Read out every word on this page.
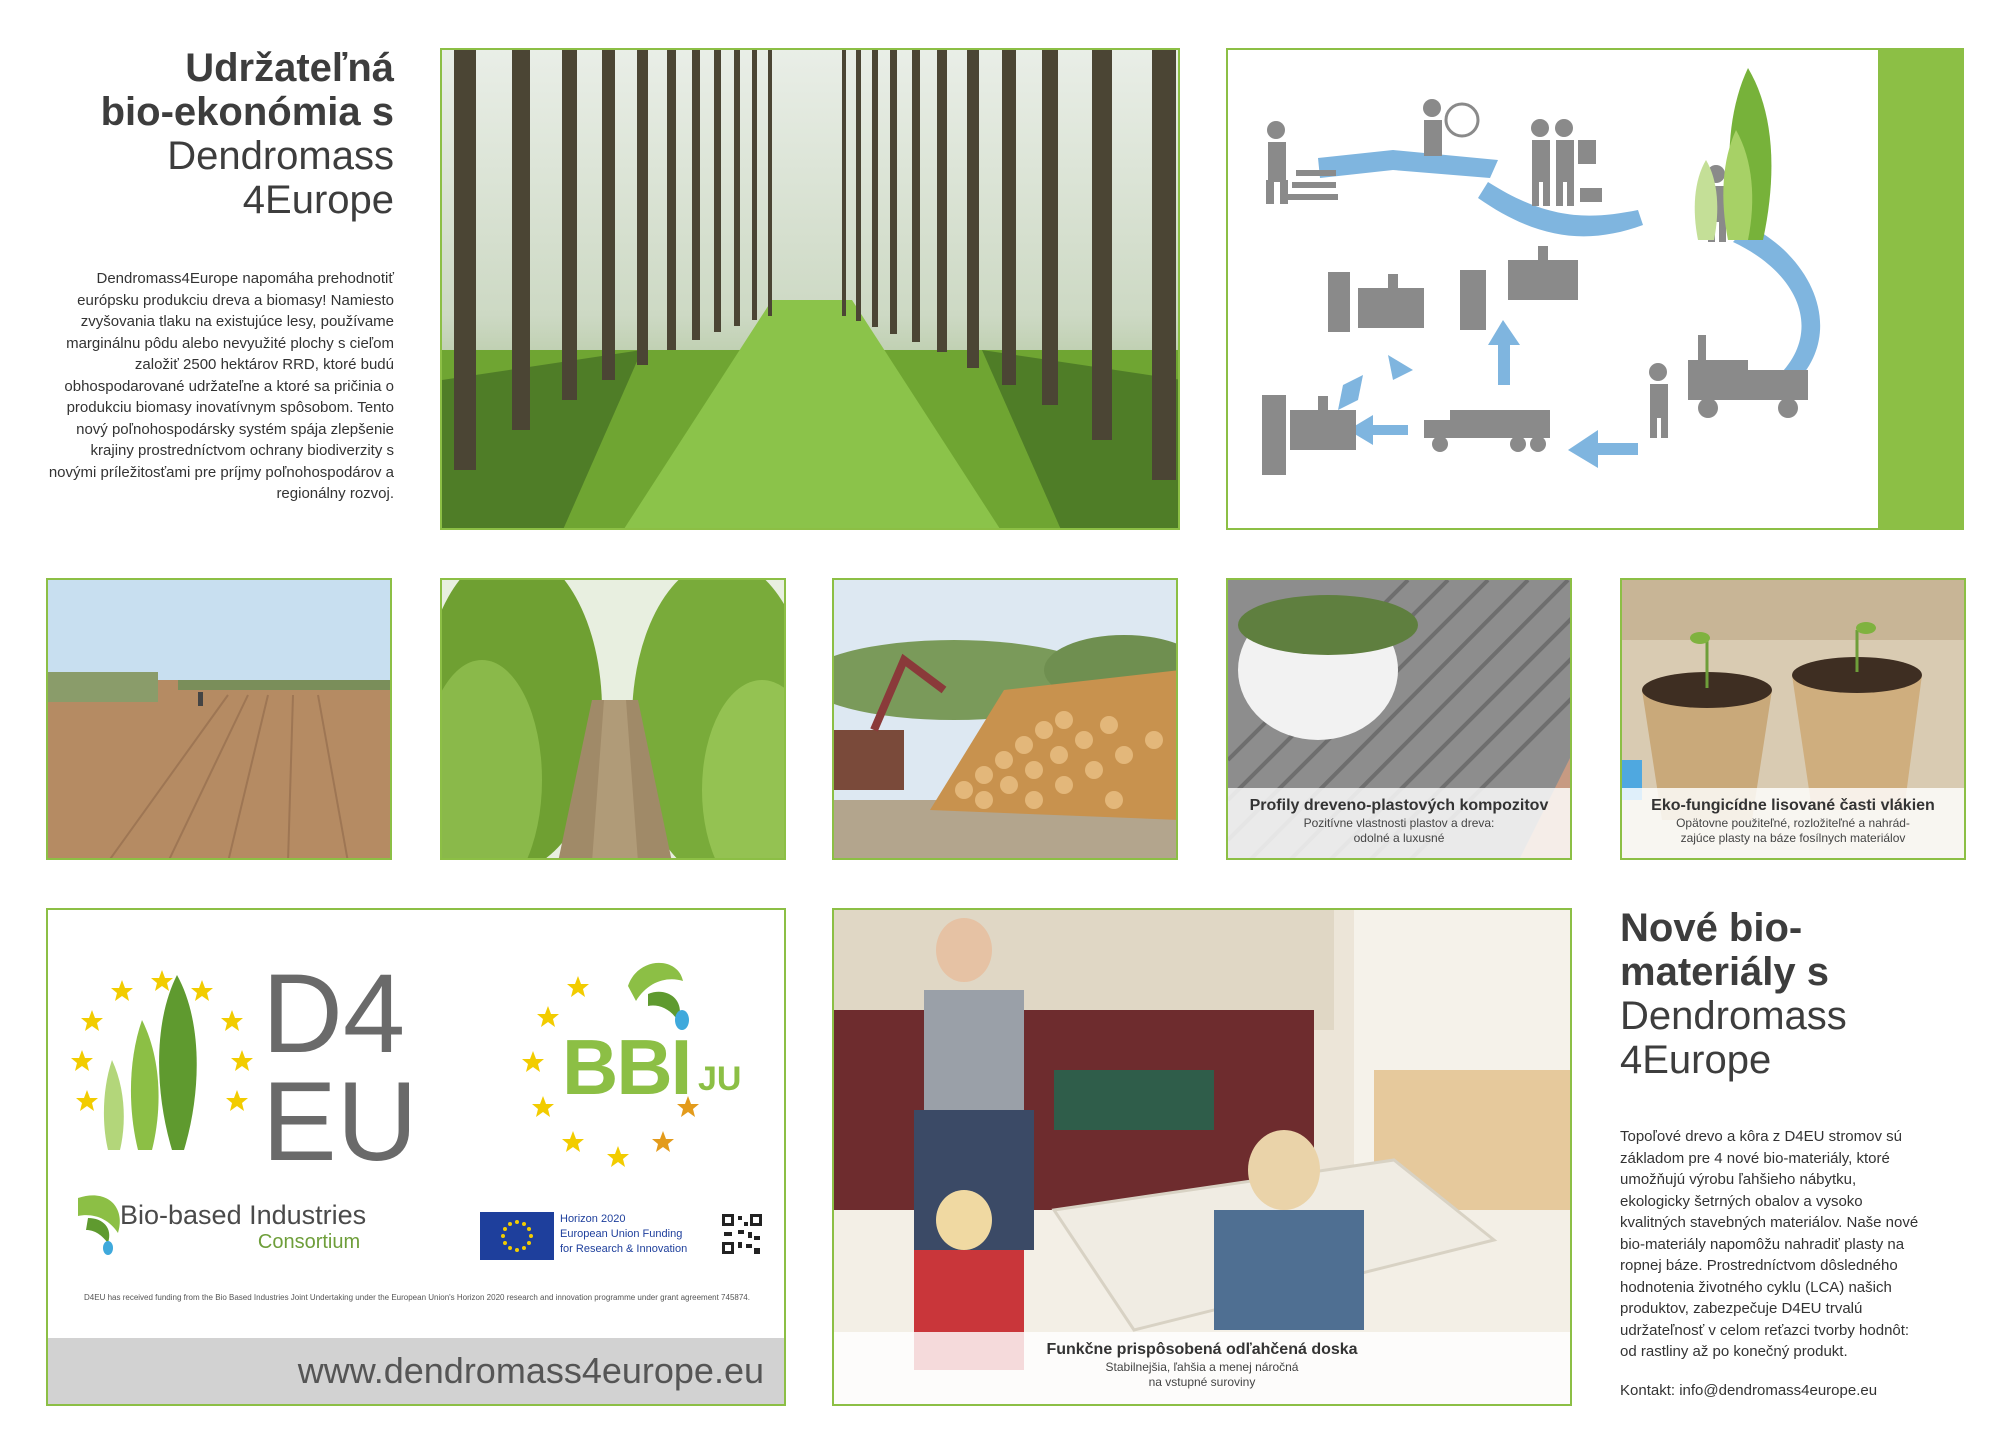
Udržateľná
bio-ekonómia s
Dendromass
4Europe
Dendromass4Europe napomáha prehodnotiť európsku produkciu dreva a biomasy! Namiesto zvyšovania tlaku na existujúce lesy, používame marginálnu pôdu alebo nevyužité plochy s cieľom založiť 2500 hektárov RRD, ktoré budú obhospodarované udržateľne a ktoré sa pričinia o produkciu biomasy inovatívnym spôsobom. Tento nový poľnohospodársky systém spája zlepšenie krajiny prostredníctvom ochrany biodiverzity s novými príležitosťami pre príjmy poľnohospodárov a regionálny rozvoj.
Profily dreveno-plastových kompozitov
Pozitívne vlastnosti plastov a dreva:
odolné a luxusné
Eko-fungicídne lisované časti vlákien
Opätovne použiteľné, rozložiteľné a nahrád-
zajúce plasty na báze fosílnych materiálov
D4
EU BBI JU
Bio-based Industries
Consortium
Horizon 2020
European Union Funding
for Research & Innovation
D4EU has received funding from the Bio Based Industries Joint Undertaking under the European Union's Horizon 2020 research and innovation programme under grant agreement 745874.
www.dendromass4europe.eu
Funkčne prispôsobená odľahčená doska
Stabilnejšia, ľahšia a menej náročná
na vstupné suroviny
Nové bio-
materiály s
Dendromass
4Europe
Topoľové drevo a kôra z D4EU stromov sú základom pre 4 nové bio-materiály, ktoré umožňujú výrobu ľahšieho nábytku, ekologicky šetrných obalov a vysoko kvalitných stavebných materiálov. Naše nové bio-materiály napomôžu nahradiť plasty na ropnej báze. Prostredníctvom dôsledného hodnotenia životného cyklu (LCA) našich produktov, zabezpečuje D4EU trvalú udržateľnosť v celom reťazci tvorby hodnôt: od rastliny až po konečný produkt.
Kontakt: info@dendromass4europe.eu
